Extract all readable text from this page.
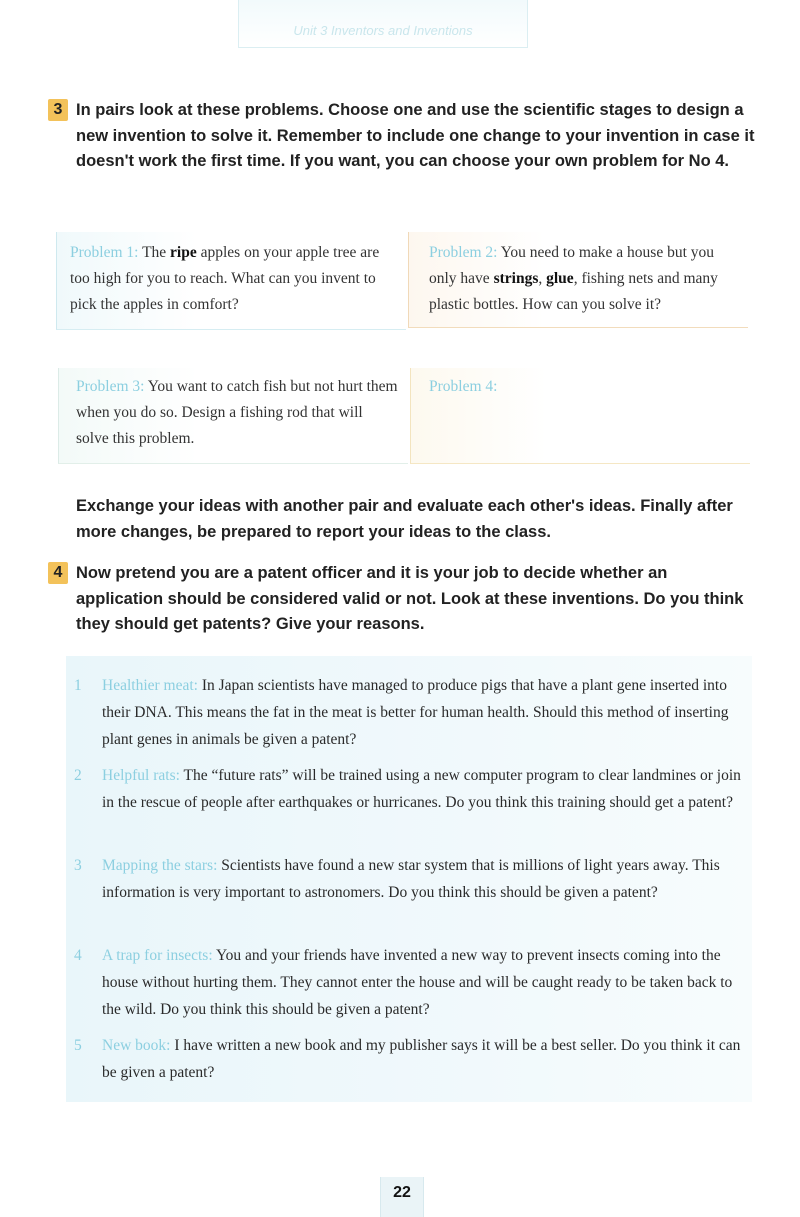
Unit 3 Inventors and Inventions
3 In pairs look at these problems. Choose one and use the scientific stages to design a new invention to solve it. Remember to include one change to your invention in case it doesn't work the first time. If you want, you can choose your own problem for No 4.
Problem 1: The ripe apples on your apple tree are too high for you to reach. What can you invent to pick the apples in comfort?
Problem 2: You need to make a house but you only have strings, glue, fishing nets and many plastic bottles. How can you solve it?
Problem 3: You want to catch fish but not hurt them when you do so. Design a fishing rod that will solve this problem.
Problem 4:
Exchange your ideas with another pair and evaluate each other's ideas. Finally after more changes, be prepared to report your ideas to the class.
4 Now pretend you are a patent officer and it is your job to decide whether an application should be considered valid or not. Look at these inventions. Do you think they should get patents? Give your reasons.
1 Healthier meat: In Japan scientists have managed to produce pigs that have a plant gene inserted into their DNA. This means the fat in the meat is better for human health. Should this method of inserting plant genes in animals be given a patent?
2 Helpful rats: The “future rats” will be trained using a new computer program to clear landmines or join in the rescue of people after earthquakes or hurricanes. Do you think this training should get a patent?
3 Mapping the stars: Scientists have found a new star system that is millions of light years away. This information is very important to astronomers. Do you think this should be given a patent?
4 A trap for insects: You and your friends have invented a new way to prevent insects coming into the house without hurting them. They cannot enter the house and will be caught ready to be taken back to the wild. Do you think this should be given a patent?
5 New book: I have written a new book and my publisher says it will be a best seller. Do you think it can be given a patent?
22
